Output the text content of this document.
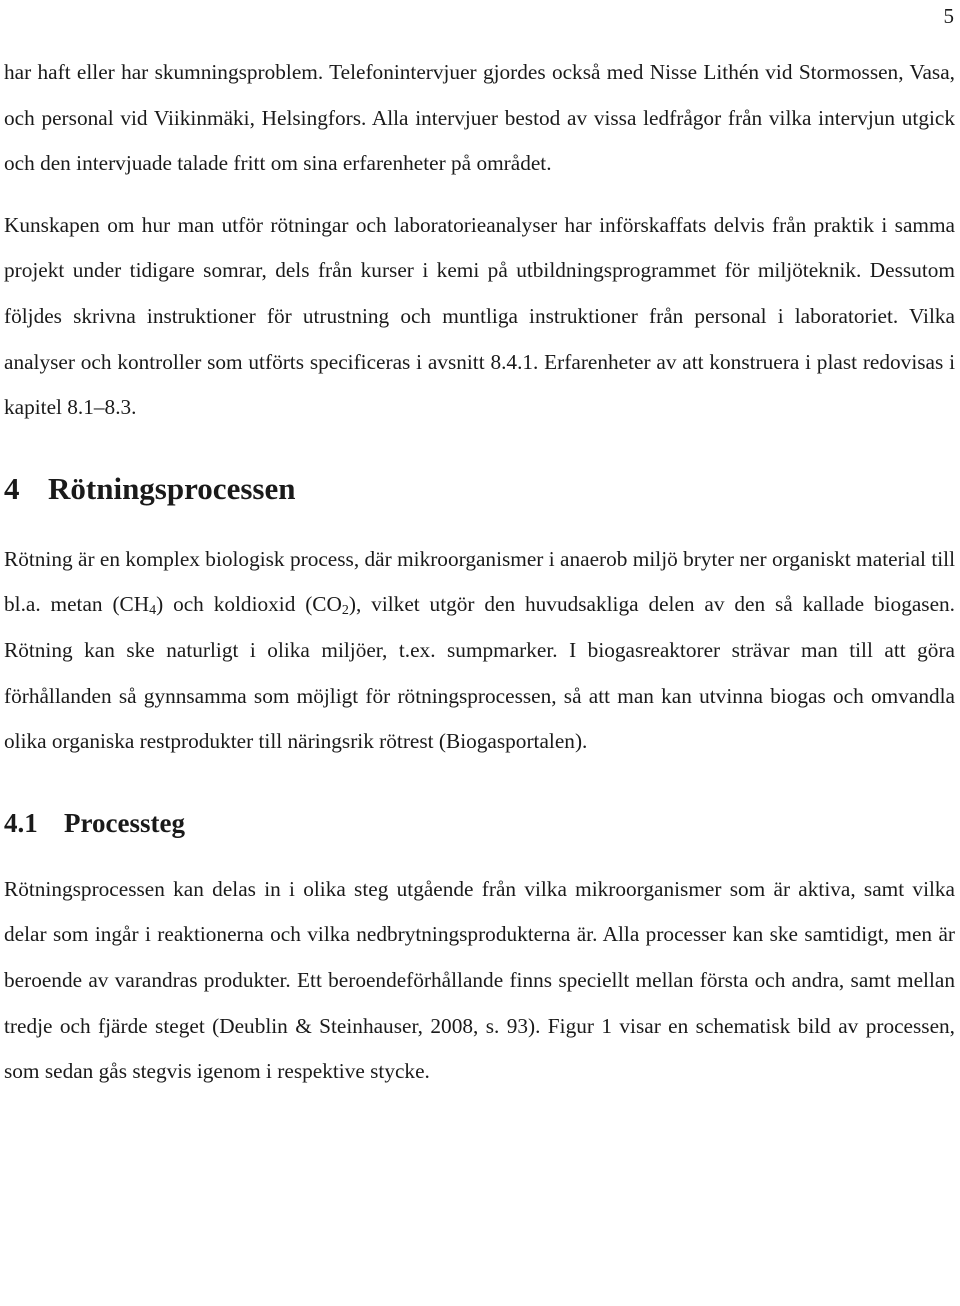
5

har haft eller har skumningsproblem. Telefonintervjuer gjordes också med Nisse Lithén vid Stormossen, Vasa, och personal vid Viikinmäki, Helsingfors. Alla intervjuer bestod av vissa ledfrågor från vilka intervjun utgick och den intervjuade talade fritt om sina erfarenheter på området.

Kunskapen om hur man utför rötningar och laboratorieanalyser har införskaffats delvis från praktik i samma projekt under tidigare somrar, dels från kurser i kemi på utbildningsprogrammet för miljöteknik. Dessutom följdes skrivna instruktioner för utrustning och muntliga instruktioner från personal i laboratoriet. Vilka analyser och kontroller som utförts specificeras i avsnitt 8.4.1. Erfarenheter av att konstruera i plast redovisas i kapitel 8.1–8.3.

4 Rötningsprocessen

Rötning är en komplex biologisk process, där mikroorganismer i anaerob miljö bryter ner organiskt material till bl.a. metan $(CH_4)$ och koldioxid $(CO_2)$, vilket utgör den huvudsakliga delen av den så kallade biogasen. Rötning kan ske naturligt i olika miljöer, t.ex. sumpmarker. I biogasreaktorer strävar man till att göra förhållanden så gynnsamma som möjligt för rötningsprocessen, så att man kan utvinna biogas och omvandla olika organiska restprodukter till näringsrik rötrest (Biogasportalen).

4.1 Processteg

Rötningsprocessen kan delas in i olika steg utgående från vilka mikroorganismer som är aktiva, samt vilka delar som ingår i reaktionerna och vilka nedbrytningsprodukterna är. Alla processer kan ske samtidigt, men är beroende av varandras produkter. Ett beroendeförhållande finns speciellt mellan första och andra, samt mellan tredje och fjärde steget (Deublin & Steinhauser, 2008, s. 93). Figur 1 visar en schematisk bild av processen, som sedan gås stegvis igenom i respektive stycke.
